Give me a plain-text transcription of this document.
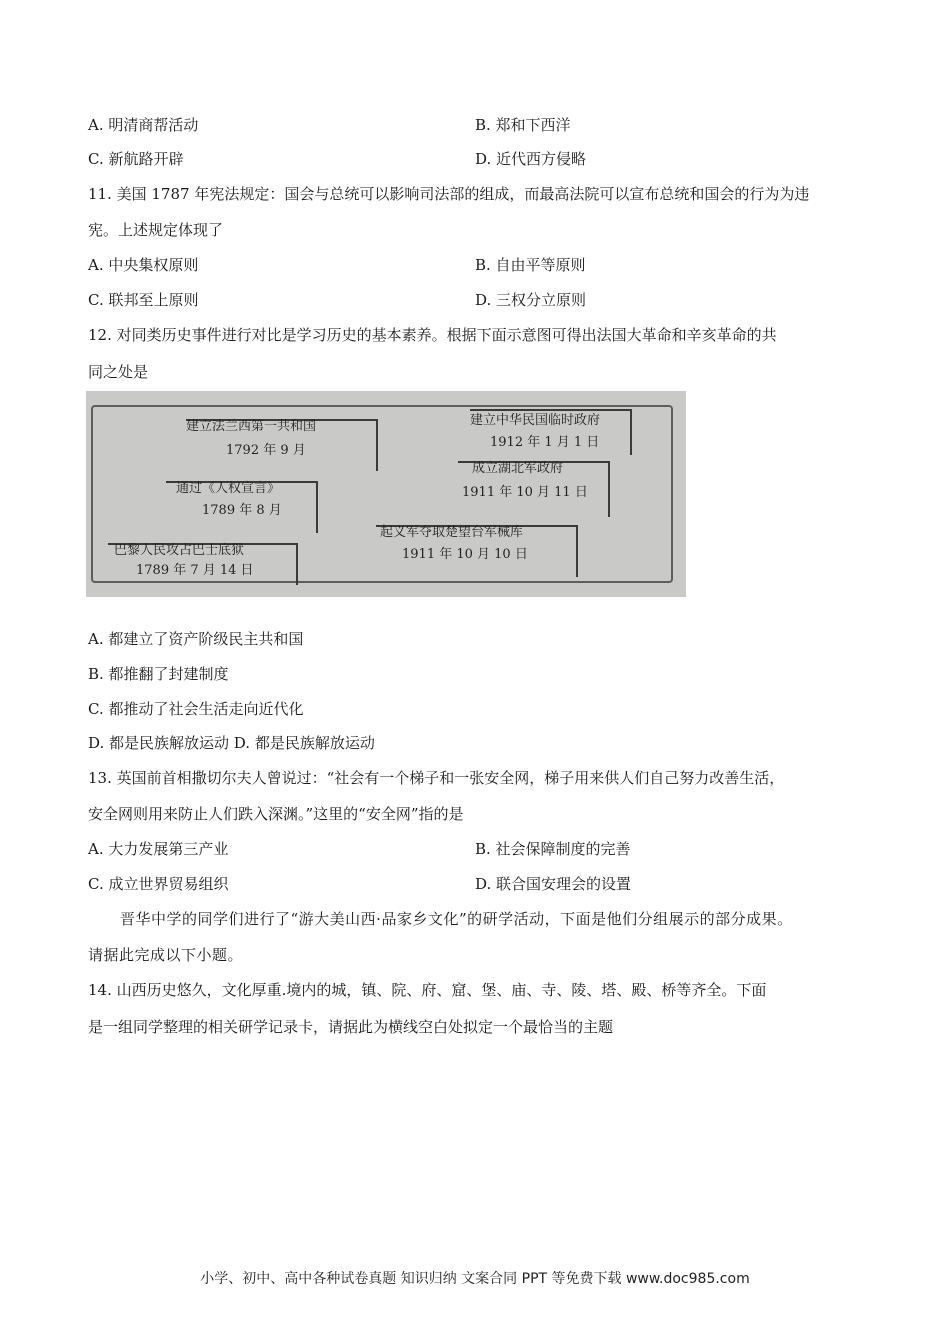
A. 明清商帮活动	B. 郑和下西洋
C. 新航路开辟	D. 近代西方侵略
11. 美国 1787 年宪法规定：国会与总统可以影响司法部的组成，而最高法院可以宣布总统和国会的行为为违
宪。上述规定体现了
A. 中央集权原则	B. 自由平等原则
C. 联邦至上原则	D. 三权分立原则
12. 对同类历史事件进行对比是学习历史的基本素养。根据下面示意图可得出法国大革命和辛亥革命的共
同之处是
巴黎人民攻占巴士底狱
1789 年 7 月 14 日
通过《人权宣言》
1789 年 8 月
建立法兰西第一共和国
1792 年 9 月
起义军夺取楚望台军械库
1911 年 10 月 10 日
成立湖北军政府
1911 年 10 月 11 日
建立中华民国临时政府
1912 年 1 月 1 日
A. 都建立了资产阶级民主共和国
B. 都推翻了封建制度
C. 都推动了社会生活走向近代化
D. 都是民族解放运动 D. 都是民族解放运动
13. 英国前首相撒切尔夫人曾说过：“社会有一个梯子和一张安全网，梯子用来供人们自己努力改善生活，
安全网则用来防止人们跌入深渊。”这里的“安全网”指的是
A. 大力发展第三产业	B. 社会保障制度的完善
C. 成立世界贸易组织	D. 联合国安理会的设置
晋华中学的同学们进行了“游大美山西·品家乡文化”的研学活动，下面是他们分组展示的部分成果。
请据此完成以下小题。
14. 山西历史悠久，文化厚重.境内的城，镇、院、府、窟、堡、庙、寺、陵、塔、殿、桥等齐全。下面
是一组同学整理的相关研学记录卡，请据此为横线空白处拟定一个最恰当的主题
小学、初中、高中各种试卷真题 知识归纳 文案合同 PPT 等免费下载 www.doc985.com
